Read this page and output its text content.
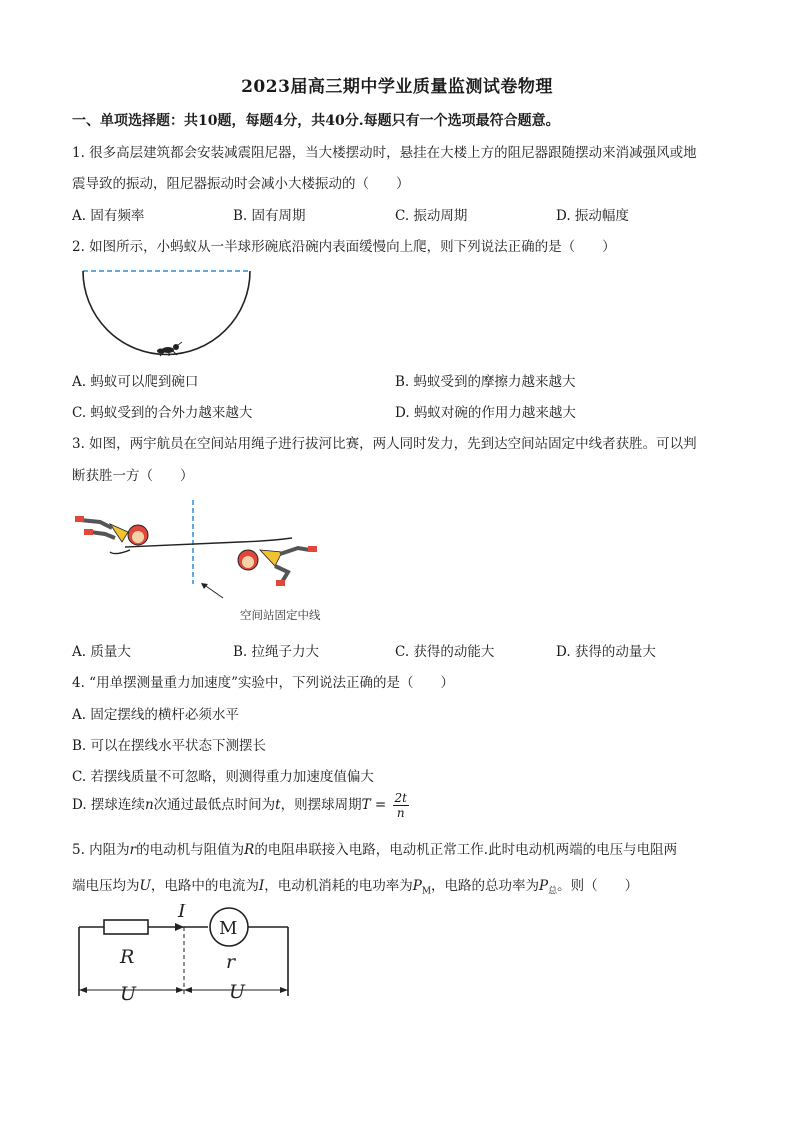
2023届高三期中学业质量监测试卷物理
一、单项选择题：共10题，每题4分，共40分.每题只有一个选项最符合题意。
1. 很多高层建筑都会安装减震阻尼器，当大楼摆动时，悬挂在大楼上方的阻尼器跟随摆动来消减强风或地
震导致的振动，阻尼器振动时会减小大楼振动的（　　）
A. 固有频率	B. 固有周期	C. 振动周期	D. 振动幅度
2. 如图所示，小蚂蚁从一半球形碗底沿碗内表面缓慢向上爬，则下列说法正确的是（　　）
A. 蚂蚁可以爬到碗口	B. 蚂蚁受到的摩擦力越来越大
C. 蚂蚁受到的合外力越来越大	D. 蚂蚁对碗的作用力越来越大
3. 如图，两宇航员在空间站用绳子进行拔河比赛，两人同时发力，先到达空间站固定中线者获胜。可以判
断获胜一方（　　）
空间站固定中线
A. 质量大	B. 拉绳子力大	C. 获得的动能大	D. 获得的动量大
4. “用单摆测量重力加速度”实验中，下列说法正确的是（　　）
A. 固定摆线的横杆必须水平
B. 可以在摆线水平状态下测摆长
C. 若摆线质量不可忽略，则测得重力加速度值偏大
D. 摆球连续n次通过最低点时间为t，则摆球周期$T = \frac{2t}{n}$
5. 内阻为r的电动机与阻值为R的电阻串联接入电路，电动机正常工作.此时电动机两端的电压与电阻两
端电压均为U，电路中的电流为I，电动机消耗的电功率为$P_M$，电路的总功率为$P_总$。则（　　）
I
M
R	r
U	U
